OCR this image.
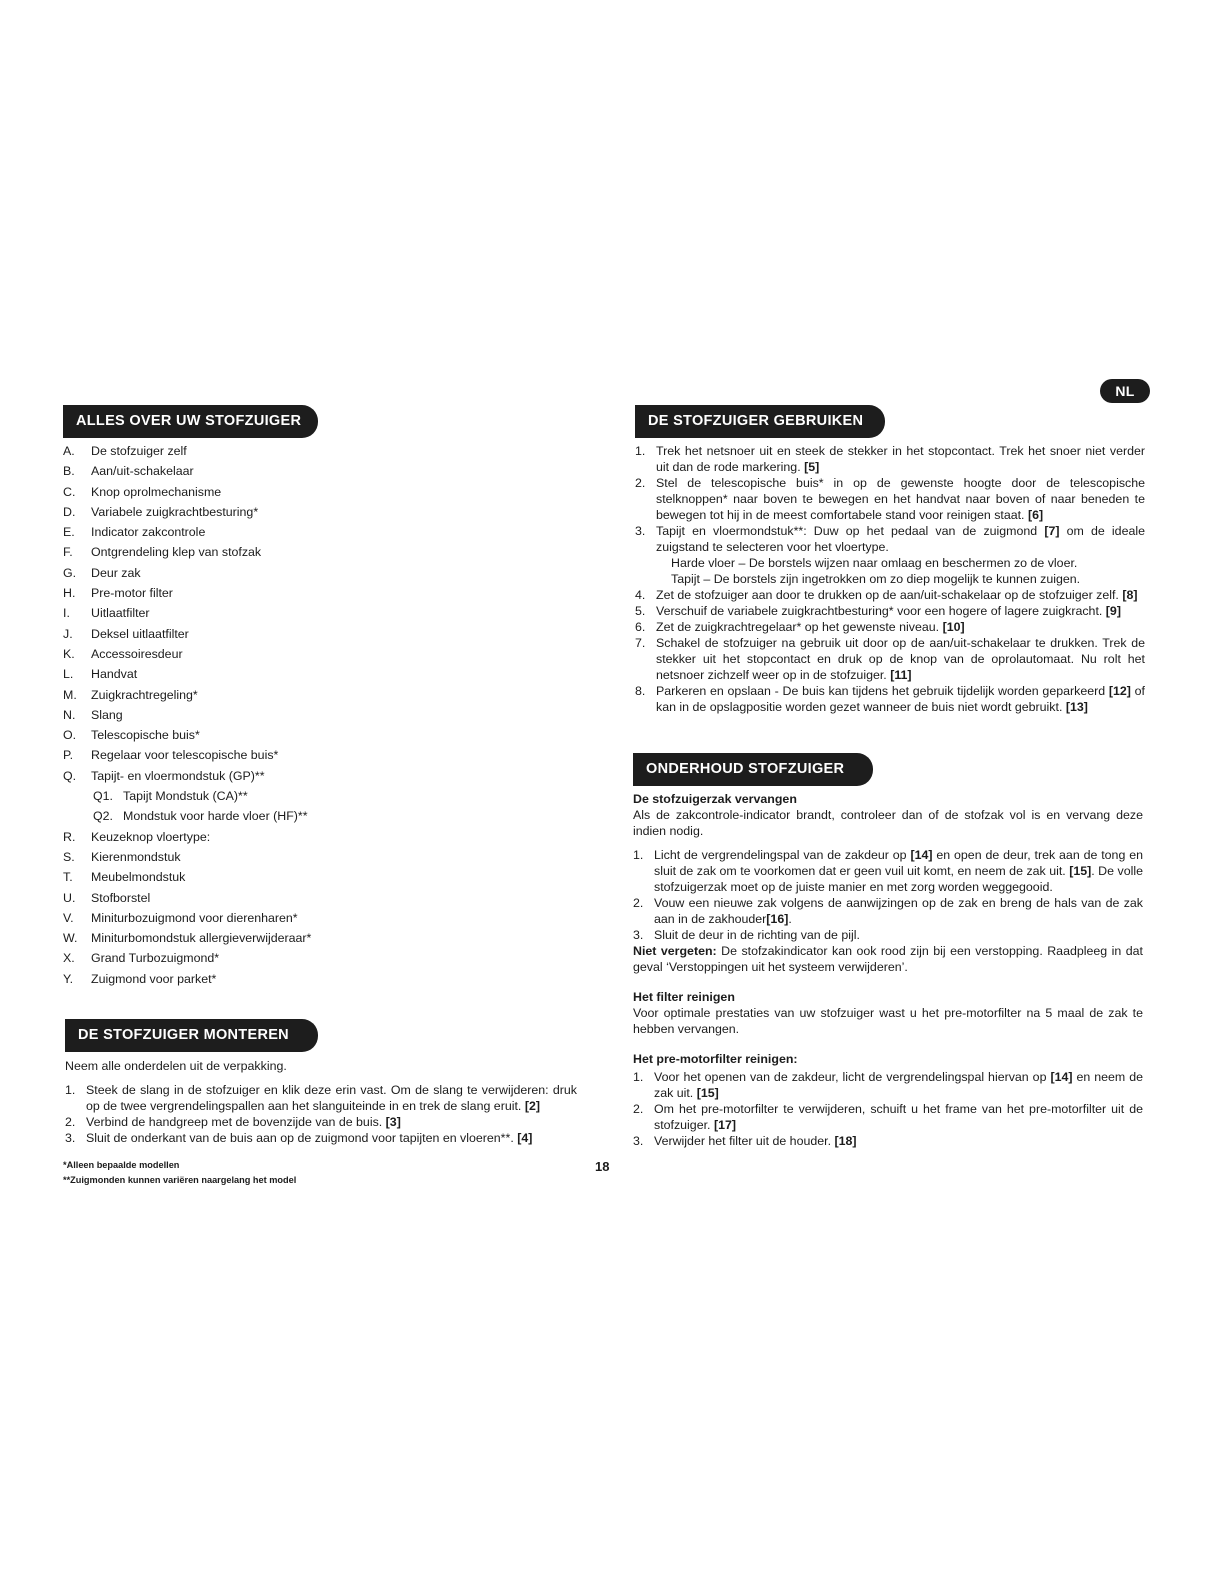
NL
ALLES OVER UW STOFZUIGER
A. De stofzuiger zelf
B. Aan/uit-schakelaar
C. Knop oprolmechanisme
D. Variabele zuigkrachtbesturing*
E. Indicator zakcontrole
F. Ontgrendeling klep van stofzak
G. Deur zak
H. Pre-motor filter
I. Uitlaatfilter
J. Deksel uitlaatfilter
K. Accessoiresdeur
L. Handvat
M. Zuigkrachtregeling*
N. Slang
O. Telescopische buis*
P. Regelaar voor telescopische buis*
Q. Tapijt- en vloermondstuk (GP)**
Q1. Tapijt Mondstuk (CA)**
Q2. Mondstuk voor harde vloer (HF)**
R. Keuzeknop vloertype:
S. Kierenmondstuk
T. Meubelmondstuk
U. Stofborstel
V. Miniturbozuigmond voor dierenharen*
W. Miniturbomondstuk allergieverwijderaar*
X. Grand Turbozuigmond*
Y. Zuigmond voor parket*
DE STOFZUIGER MONTEREN
Neem alle onderdelen uit de verpakking.
1. Steek de slang in de stofzuiger en klik deze erin vast. Om de slang te verwijderen: druk op de twee vergrendelingspallen aan het slanguiteinde in en trek de slang eruit. [2]
2. Verbind de handgreep met de bovenzijde van de buis. [3]
3. Sluit de onderkant van de buis aan op de zuigmond voor tapijten en vloeren**. [4]
*Alleen bepaalde modellen
**Zuigmonden kunnen variëren naargelang het model
18
DE STOFZUIGER GEBRUIKEN
1. Trek het netsnoer uit en steek de stekker in het stopcontact. Trek het snoer niet verder uit dan de rode markering. [5]
2. Stel de telescopische buis* in op de gewenste hoogte door de telescopische stelknoppen* naar boven te bewegen en het handvat naar boven of naar beneden te bewegen tot hij in de meest comfortabele stand voor reinigen staat. [6]
3. Tapijt en vloermondstuk**: Duw op het pedaal van de zuigmond [7] om de ideale zuigstand te selecteren voor het vloertype.
Harde vloer – De borstels wijzen naar omlaag en beschermen zo de vloer.
Tapijt – De borstels zijn ingetrokken om zo diep mogelijk te kunnen zuigen.
4. Zet de stofzuiger aan door te drukken op de aan/uit-schakelaar op de stofzuiger zelf. [8]
5. Verschuif de variabele zuigkrachtbesturing* voor een hogere of lagere zuigkracht. [9]
6. Zet de zuigkrachtregelaar* op het gewenste niveau. [10]
7. Schakel de stofzuiger na gebruik uit door op de aan/uit-schakelaar te drukken. Trek de stekker uit het stopcontact en druk op de knop van de oprolautomaat. Nu rolt het netsnoer zichzelf weer op in de stofzuiger. [11]
8. Parkeren en opslaan - De buis kan tijdens het gebruik tijdelijk worden geparkeerd [12] of kan in de opslagpositie worden gezet wanneer de buis niet wordt gebruikt. [13]
ONDERHOUD STOFZUIGER
De stofzuigerzak vervangen
Als de zakcontrole-indicator brandt, controleer dan of de stofzak vol is en vervang deze indien nodig.
1. Licht de vergrendelingspal van de zakdeur op [14] en open de deur, trek aan de tong en sluit de zak om te voorkomen dat er geen vuil uit komt, en neem de zak uit. [15]. De volle stofzuigerzak moet op de juiste manier en met zorg worden weggegooid.
2. Vouw een nieuwe zak volgens de aanwijzingen op de zak en breng de hals van de zak aan in de zakhouder[16].
3. Sluit de deur in de richting van de pijl.
Niet vergeten: De stofzakindicator kan ook rood zijn bij een verstopping. Raadpleeg in dat geval ‘Verstoppingen uit het systeem verwijderen’.
Het filter reinigen
Voor optimale prestaties van uw stofzuiger wast u het pre-motorfilter na 5 maal de zak te hebben vervangen.
Het pre-motorfilter reinigen:
1. Voor het openen van de zakdeur, licht de vergrendelingspal hiervan op [14] en neem de zak uit. [15]
2. Om het pre-motorfilter te verwijderen, schuift u het frame van het pre-motorfilter uit de stofzuiger. [17]
3. Verwijder het filter uit de houder. [18]
